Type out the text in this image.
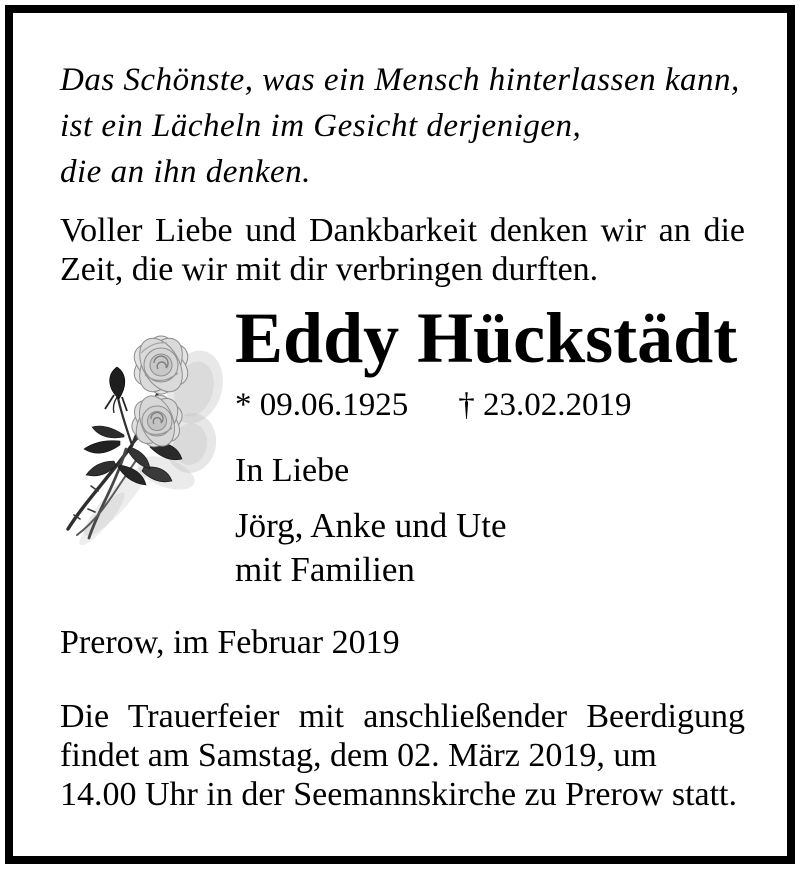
Das Schönste, was ein Mensch hinterlassen kann,
ist ein Lächeln im Gesicht derjenigen,
die an ihn denken.
Voller Liebe und Dankbarkeit denken wir an die
Zeit, die wir mit dir verbringen durften.
Eddy Hückstädt
* 09.06.1925 † 23.02.2019
In Liebe
Jörg, Anke und Ute
mit Familien
Prerow, im Februar 2019
Die Trauerfeier mit anschließender Beerdigung
findet am Samstag, dem 02. März 2019, um
14.00 Uhr in der Seemannskirche zu Prerow statt.
